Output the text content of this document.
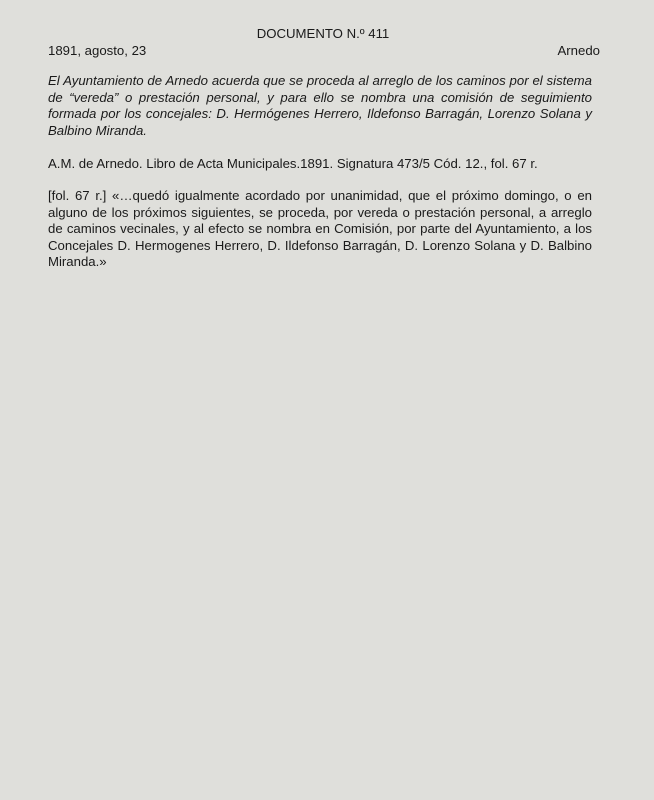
DOCUMENTO N.º 411
1891, agosto, 23	Arnedo

El Ayuntamiento de Arnedo acuerda que se proceda al arreglo de los caminos por el sistema de “vereda” o prestación personal, y para ello se nombra una comisión de seguimiento formada por los concejales: D. Hermógenes Herrero, Ildefonso Barragán, Lorenzo Solana y Balbino Miranda.

A.M. de Arnedo. Libro de Acta Municipales.1891. Signatura 473/5 Cód. 12., fol. 67 r.

[fol. 67 r.] «…quedó igualmente acordado por unanimidad, que el próximo domingo, o en alguno de los próximos siguientes, se proceda, por vereda o prestación personal, a arreglo de caminos vecinales, y al efecto se nombra en Comisión, por parte del Ayuntamiento, a los Concejales D. Hermogenes Herrero, D. Ildefonso Barragán, D. Lorenzo Solana y D. Balbino Miranda.»
